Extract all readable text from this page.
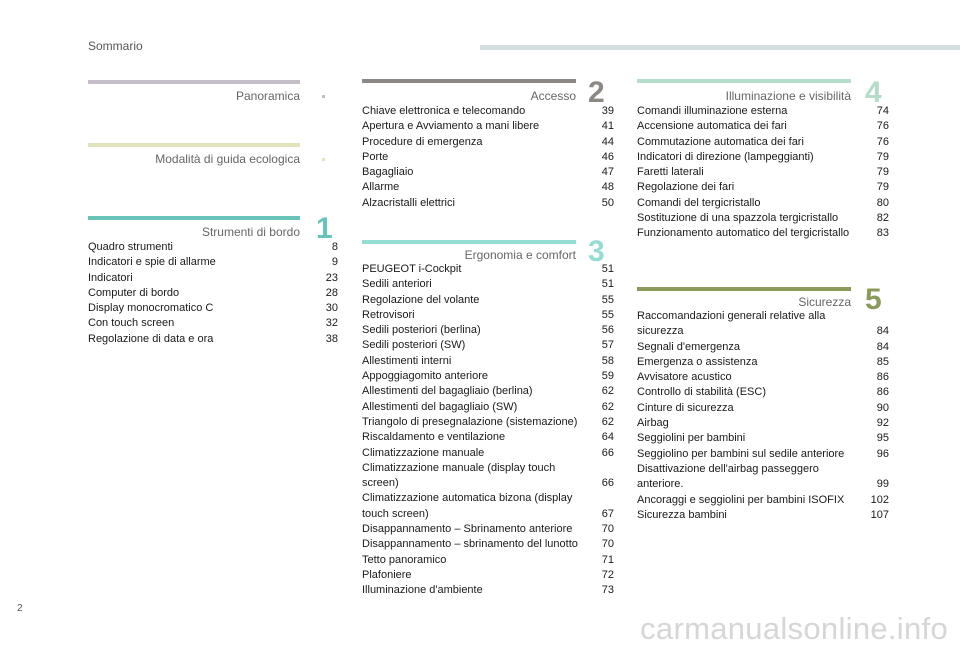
Sommario
Panoramica
Modalità di guida ecologica
Strumenti di bordo 1
Quadro strumenti	8
Indicatori e spie di allarme	9
Indicatori	23
Computer di bordo	28
Display monocromatico C	30
Con touch screen	32
Regolazione di data e ora	38
Accesso 2
Chiave elettronica e telecomando	39
Apertura e Avviamento a mani libere	41
Procedure di emergenza	44
Porte	46
Bagagliaio	47
Allarme	48
Alzacristalli elettrici	50
Ergonomia e comfort 3
PEUGEOT i-Cockpit	51
Sedili anteriori	51
Regolazione del volante	55
Retrovisori	55
Sedili posteriori (berlina)	56
Sedili posteriori (SW)	57
Allestimenti interni	58
Appoggiagomito anteriore	59
Allestimenti del bagagliaio (berlina)	62
Allestimenti del bagagliaio (SW)	62
Triangolo di presegnalazione (sistemazione)	62
Riscaldamento e ventilazione	64
Climatizzazione manuale	66
Climatizzazione manuale (display touch screen)	66
Climatizzazione automatica bizona (display touch screen)	67
Disappannamento – Sbrinamento anteriore	70
Disappannamento – sbrinamento del lunotto	70
Tetto panoramico	71
Plafoniere	72
Illuminazione d'ambiente	73
Illuminazione e visibilità 4
Comandi illuminazione esterna	74
Accensione automatica dei fari	76
Commutazione automatica dei fari	76
Indicatori di direzione (lampeggianti)	79
Faretti laterali	79
Regolazione dei fari	79
Comandi del tergicristallo	80
Sostituzione di una spazzola tergicristallo	82
Funzionamento automatico del tergicristallo	83
Sicurezza 5
Raccomandazioni generali relative alla sicurezza	84
Segnali d'emergenza	84
Emergenza o assistenza	85
Avvisatore acustico	86
Controllo di stabilità (ESC)	86
Cinture di sicurezza	90
Airbag	92
Seggiolini per bambini	95
Seggiolino per bambini sul sedile anteriore	96
Disattivazione dell'airbag passeggero anteriore.	99
Ancoraggi e seggiolini per bambini ISOFIX	102
Sicurezza bambini	107
2
carmanualsonline.info
